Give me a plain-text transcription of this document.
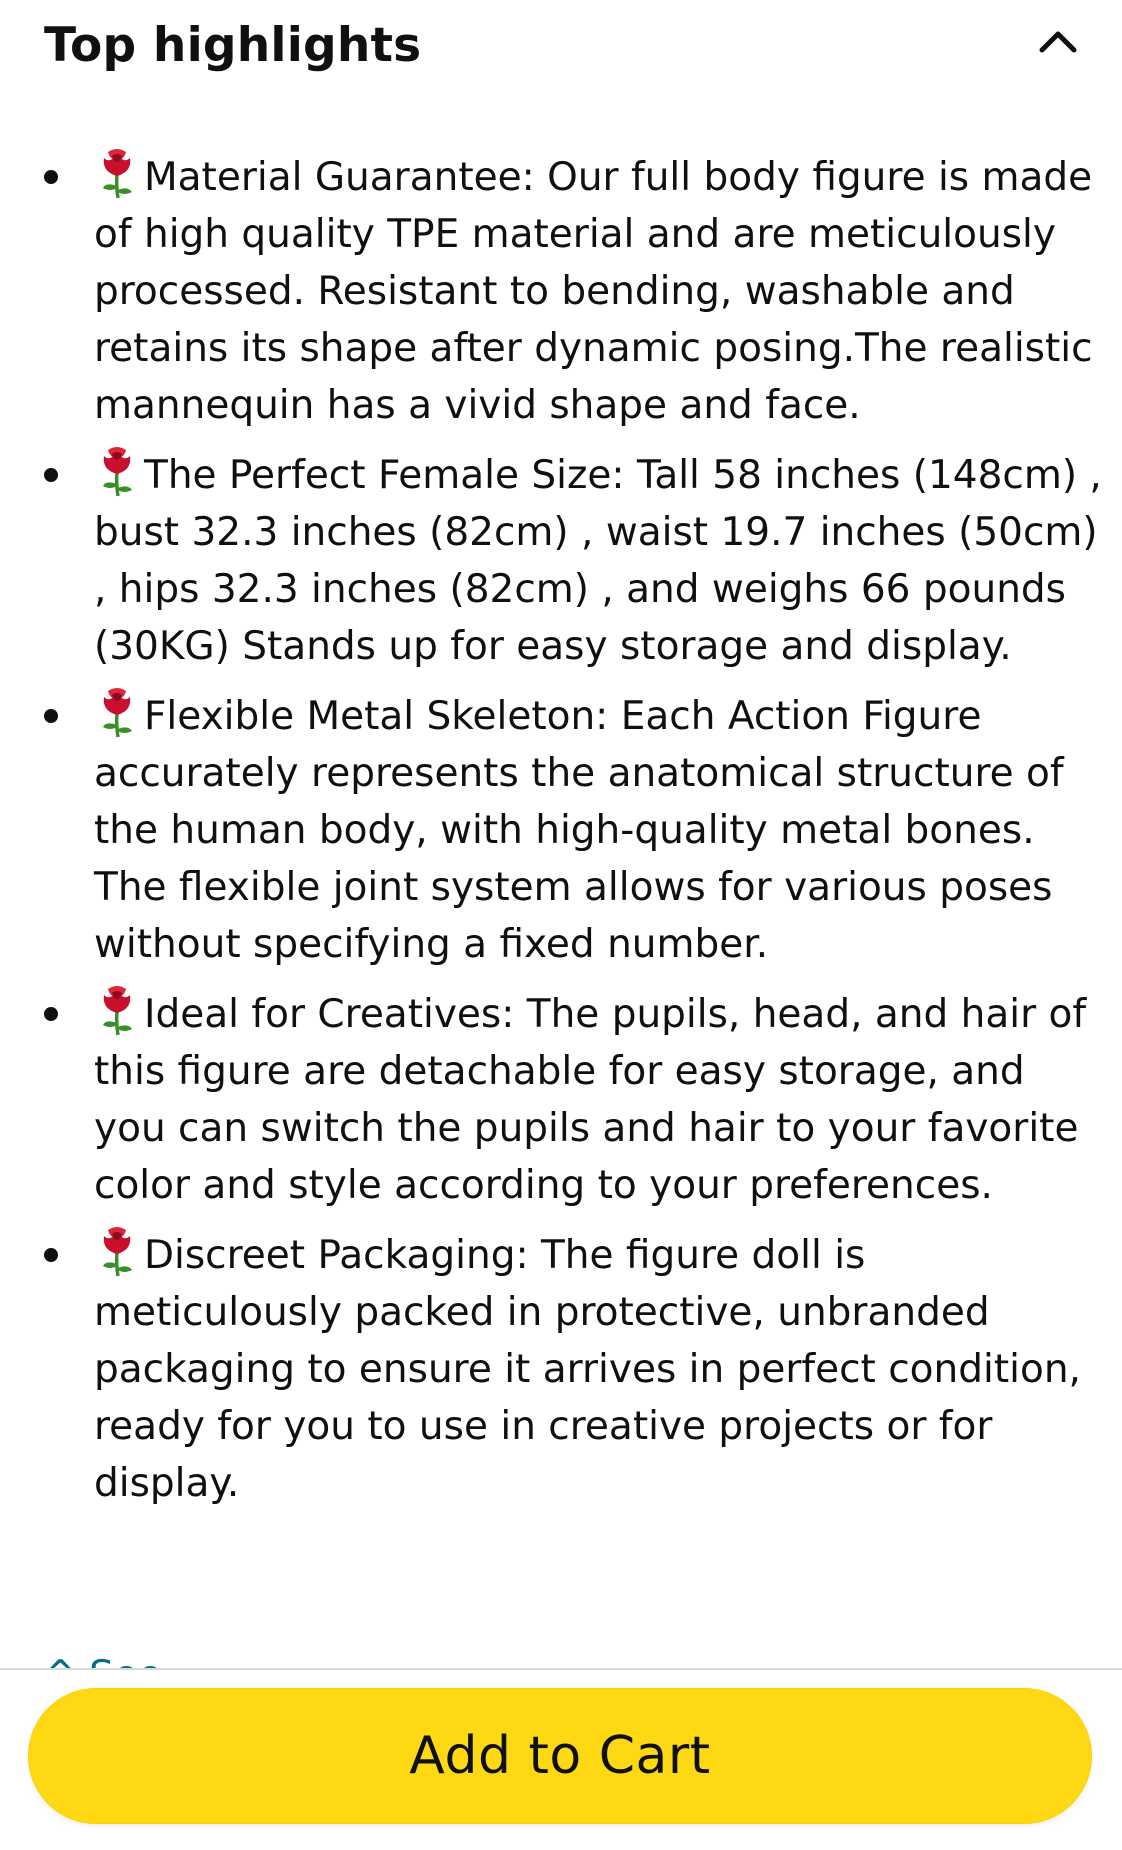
Top highlights
Material Guarantee: Our full body figure is made of high quality TPE material and are meticulously processed. Resistant to bending, washable and retains its shape after dynamic posing.The realistic mannequin has a vivid shape and face.
The Perfect Female Size: Tall 58 inches (148cm) , bust 32.3 inches (82cm) , waist 19.7 inches (50cm) , hips 32.3 inches (82cm) , and weighs 66 pounds (30KG) Stands up for easy storage and display.
Flexible Metal Skeleton: Each Action Figure accurately represents the anatomical structure of the human body, with high-quality metal bones. The flexible joint system allows for various poses without specifying a fixed number.
Ideal for Creatives: The pupils, head, and hair of this figure are detachable for easy storage, and you can switch the pupils and hair to your favorite color and style according to your preferences.
Discreet Packaging: The figure doll is meticulously packed in protective, unbranded packaging to ensure it arrives in perfect condition, ready for you to use in creative projects or for display.
Add to Cart
